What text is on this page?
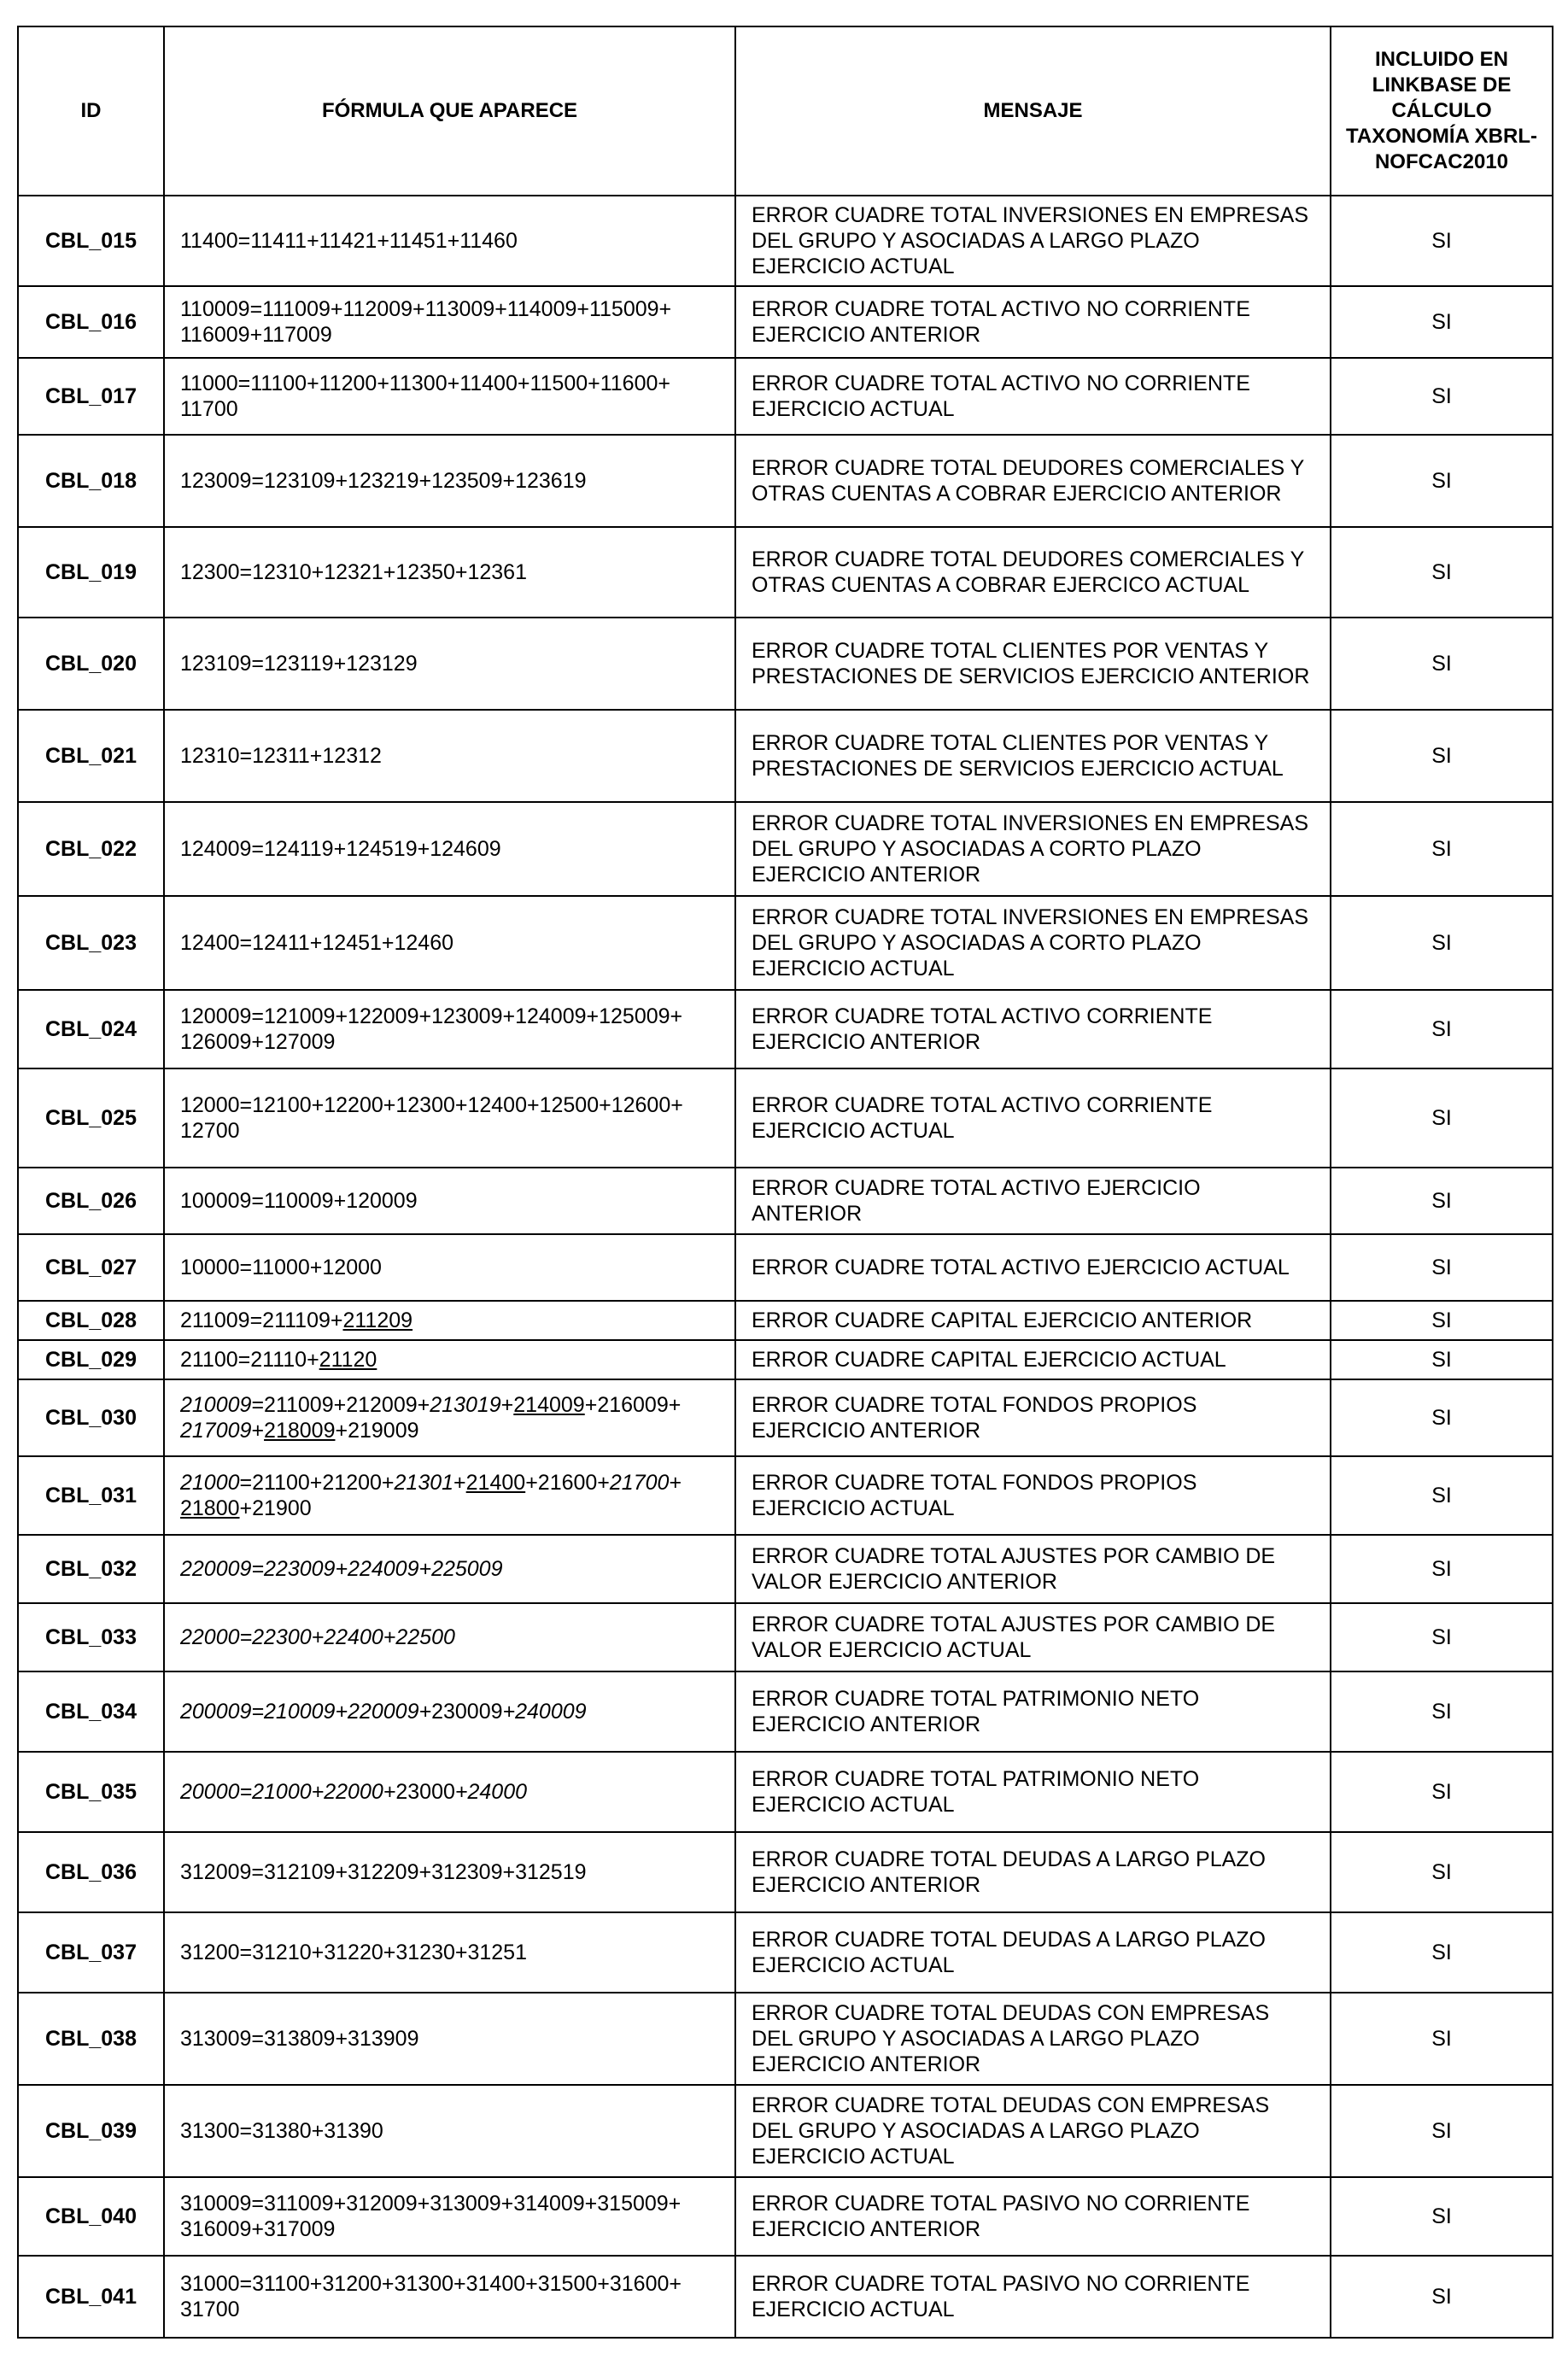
ID	FÓRMULA QUE APARECE	MENSAJE	INCLUIDO EN LINKBASE DE CÁLCULO TAXONOMÍA XBRL-NOFCAC2010
CBL_015	11400=11411+11421+11451+11460	ERROR CUADRE TOTAL INVERSIONES EN EMPRESAS DEL GRUPO Y ASOCIADAS A LARGO PLAZO EJERCICIO ACTUAL	SI
CBL_016	110009=111009+112009+113009+114009+115009+ 116009+117009	ERROR CUADRE TOTAL ACTIVO NO CORRIENTE EJERCICIO ANTERIOR	SI
CBL_017	11000=11100+11200+11300+11400+11500+11600+ 11700	ERROR CUADRE TOTAL ACTIVO NO CORRIENTE EJERCICIO ACTUAL	SI
CBL_018	123009=123109+123219+123509+123619	ERROR CUADRE TOTAL DEUDORES COMERCIALES Y OTRAS CUENTAS A COBRAR EJERCICIO ANTERIOR	SI
CBL_019	12300=12310+12321+12350+12361	ERROR CUADRE TOTAL DEUDORES COMERCIALES Y OTRAS CUENTAS A COBRAR EJERCICO ACTUAL	SI
CBL_020	123109=123119+123129	ERROR CUADRE TOTAL CLIENTES POR VENTAS Y PRESTACIONES DE SERVICIOS EJERCICIO ANTERIOR	SI
CBL_021	12310=12311+12312	ERROR CUADRE TOTAL CLIENTES POR VENTAS Y PRESTACIONES DE SERVICIOS EJERCICIO ACTUAL	SI
CBL_022	124009=124119+124519+124609	ERROR CUADRE TOTAL INVERSIONES EN EMPRESAS DEL GRUPO Y ASOCIADAS A CORTO PLAZO EJERCICIO ANTERIOR	SI
CBL_023	12400=12411+12451+12460	ERROR CUADRE TOTAL INVERSIONES EN EMPRESAS DEL GRUPO Y ASOCIADAS A CORTO PLAZO EJERCICIO ACTUAL	SI
CBL_024	120009=121009+122009+123009+124009+125009+ 126009+127009	ERROR CUADRE TOTAL ACTIVO CORRIENTE EJERCICIO ANTERIOR	SI
CBL_025	12000=12100+12200+12300+12400+12500+12600+ 12700	ERROR CUADRE TOTAL ACTIVO CORRIENTE EJERCICIO ACTUAL	SI
CBL_026	100009=110009+120009	ERROR CUADRE TOTAL ACTIVO EJERCICIO ANTERIOR	SI
CBL_027	10000=11000+12000	ERROR CUADRE TOTAL ACTIVO EJERCICIO ACTUAL	SI
CBL_028	211009=211109+211209	ERROR CUADRE CAPITAL EJERCICIO ANTERIOR	SI
CBL_029	21100=21110+21120	ERROR CUADRE CAPITAL EJERCICIO ACTUAL	SI
CBL_030	210009=211009+212009+213019+214009+216009+ 217009+218009+219009	ERROR CUADRE TOTAL FONDOS PROPIOS EJERCICIO ANTERIOR	SI
CBL_031	21000=21100+21200+21301+21400+21600+21700+ 21800+21900	ERROR CUADRE TOTAL FONDOS PROPIOS EJERCICIO ACTUAL	SI
CBL_032	220009=223009+224009+225009	ERROR CUADRE TOTAL AJUSTES POR CAMBIO DE VALOR EJERCICIO ANTERIOR	SI
CBL_033	22000=22300+22400+22500	ERROR CUADRE TOTAL AJUSTES POR CAMBIO DE VALOR EJERCICIO ACTUAL	SI
CBL_034	200009=210009+220009+230009+240009	ERROR CUADRE TOTAL PATRIMONIO NETO EJERCICIO ANTERIOR	SI
CBL_035	20000=21000+22000+23000+24000	ERROR CUADRE TOTAL PATRIMONIO NETO EJERCICIO ACTUAL	SI
CBL_036	312009=312109+312209+312309+312519	ERROR CUADRE TOTAL DEUDAS A LARGO PLAZO EJERCICIO ANTERIOR	SI
CBL_037	31200=31210+31220+31230+31251	ERROR CUADRE TOTAL DEUDAS A LARGO PLAZO EJERCICIO ACTUAL	SI
CBL_038	313009=313809+313909	ERROR CUADRE TOTAL DEUDAS CON EMPRESAS DEL GRUPO Y ASOCIADAS A LARGO PLAZO EJERCICIO ANTERIOR	SI
CBL_039	31300=31380+31390	ERROR CUADRE TOTAL DEUDAS CON EMPRESAS DEL GRUPO Y ASOCIADAS A LARGO PLAZO EJERCICIO ACTUAL	SI
CBL_040	310009=311009+312009+313009+314009+315009+ 316009+317009	ERROR CUADRE TOTAL PASIVO NO CORRIENTE EJERCICIO ANTERIOR	SI
CBL_041	31000=31100+31200+31300+31400+31500+31600+ 31700	ERROR CUADRE TOTAL PASIVO NO CORRIENTE EJERCICIO ACTUAL	SI
